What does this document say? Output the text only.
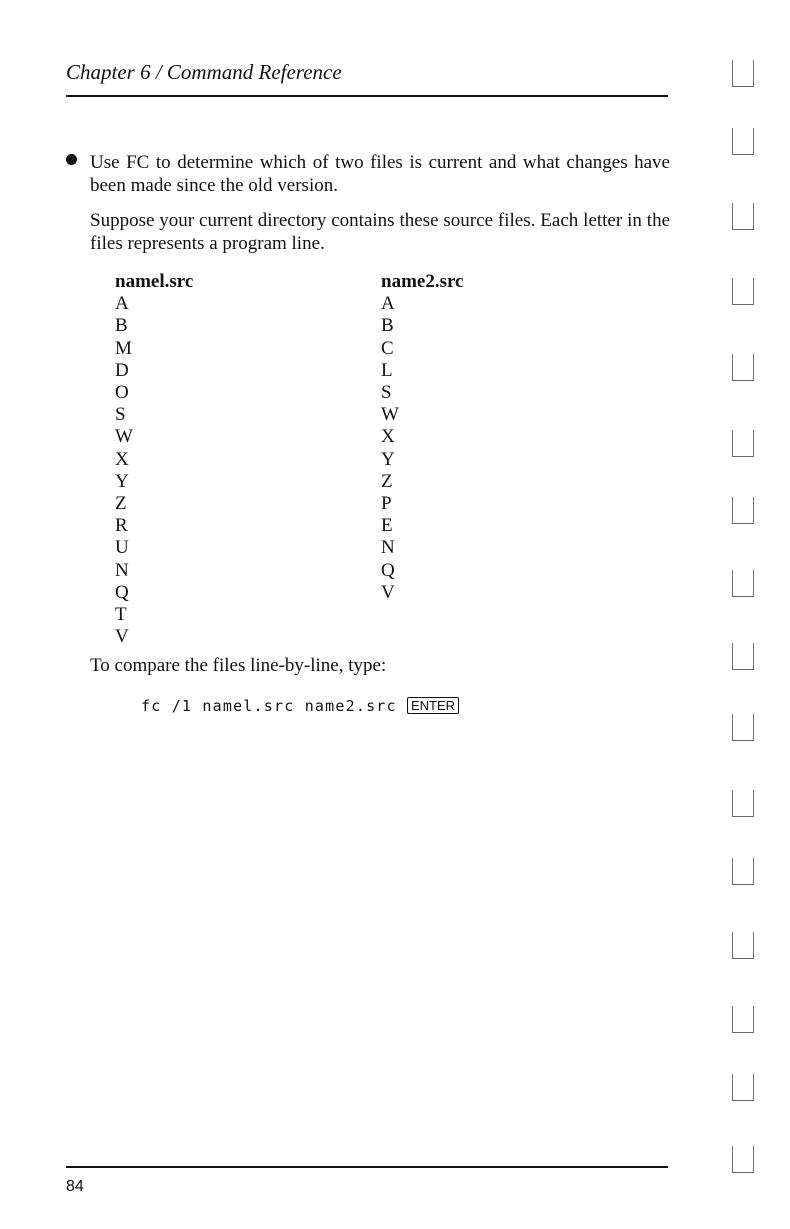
Chapter 6 / Command Reference
Use FC to determine which of two files is current and what changes have been made since the old version.
Suppose your current directory contains these source files. Each letter in the files represents a program line.
namel.src
A
B
M
D
O
S
W
X
Y
Z
R
U
N
Q
T
V
name2.src
A
B
C
L
S
W
X
Y
Z
P
E
N
Q
V
To compare the files line-by-line, type:
fc /1 namel.src name2.src ENTER
84
